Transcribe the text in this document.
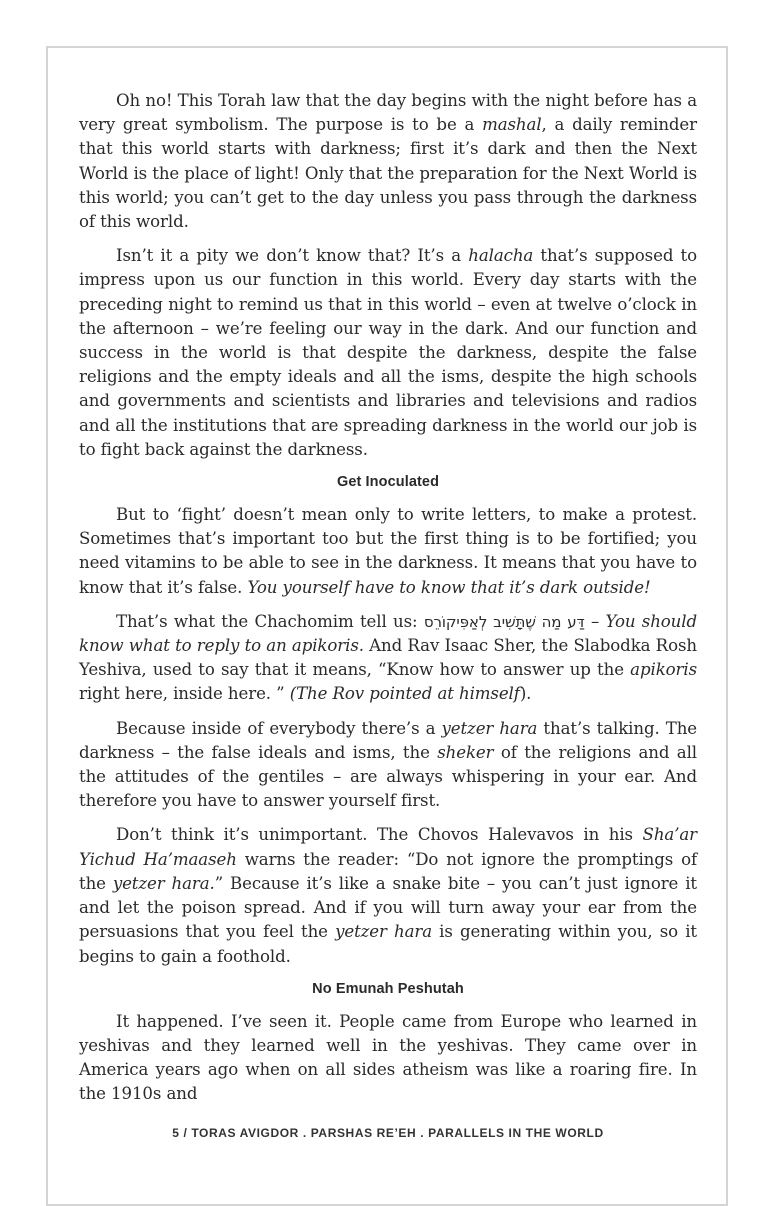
Oh no! This Torah law that the day begins with the night before has a very great symbolism. The purpose is to be a mashal, a daily reminder that this world starts with darkness; first it’s dark and then the Next World is the place of light! Only that the preparation for the Next World is this world; you can’t get to the day unless you pass through the darkness of this world.

Isn’t it a pity we don’t know that? It’s a halacha that’s supposed to impress upon us our function in this world. Every day starts with the preceding night to remind us that in this world – even at twelve o’clock in the afternoon – we’re feeling our way in the dark. And our function and success in the world is that despite the darkness, despite the false religions and the empty ideals and all the isms, despite the high schools and governments and scientists and libraries and televisions and radios and all the institutions that are spreading darkness in the world our job is to fight back against the darkness.

Get Inoculated

But to ‘fight’ doesn’t mean only to write letters, to make a protest. Sometimes that’s important too but the first thing is to be fortified; you need vitamins to be able to see in the darkness. It means that you have to know that it’s false. You yourself have to know that it’s dark outside!

That’s what the Chachomim tell us: דַּע מַה שֶׁתָּשִׁיב לְאַפִּיקוֹרֵס – You should know what to reply to an apikoris. And Rav Isaac Sher, the Slabodka Rosh Yeshiva, used to say that it means, “Know how to answer up the apikoris right here, inside here. ” (The Rov pointed at himself).

Because inside of everybody there’s a yetzer hara that’s talking. The darkness – the false ideals and isms, the sheker of the religions and all the attitudes of the gentiles – are always whispering in your ear. And therefore you have to answer yourself first.

Don’t think it’s unimportant. The Chovos Halevavos in his Sha’ar Yichud Ha’maaseh warns the reader: “Do not ignore the promptings of the yetzer hara.” Because it’s like a snake bite – you can’t just ignore it and let the poison spread. And if you will turn away your ear from the persuasions that you feel the yetzer hara is generating within you, so it begins to gain a foothold.

No Emunah Peshutah

It happened. I’ve seen it. People came from Europe who learned in yeshivas and they learned well in the yeshivas. They came over in America years ago when on all sides atheism was like a roaring fire. In the 1910s and

5 / TORAS AVIGDOR . PARSHAS RE’EH . PARALLELS IN THE WORLD
